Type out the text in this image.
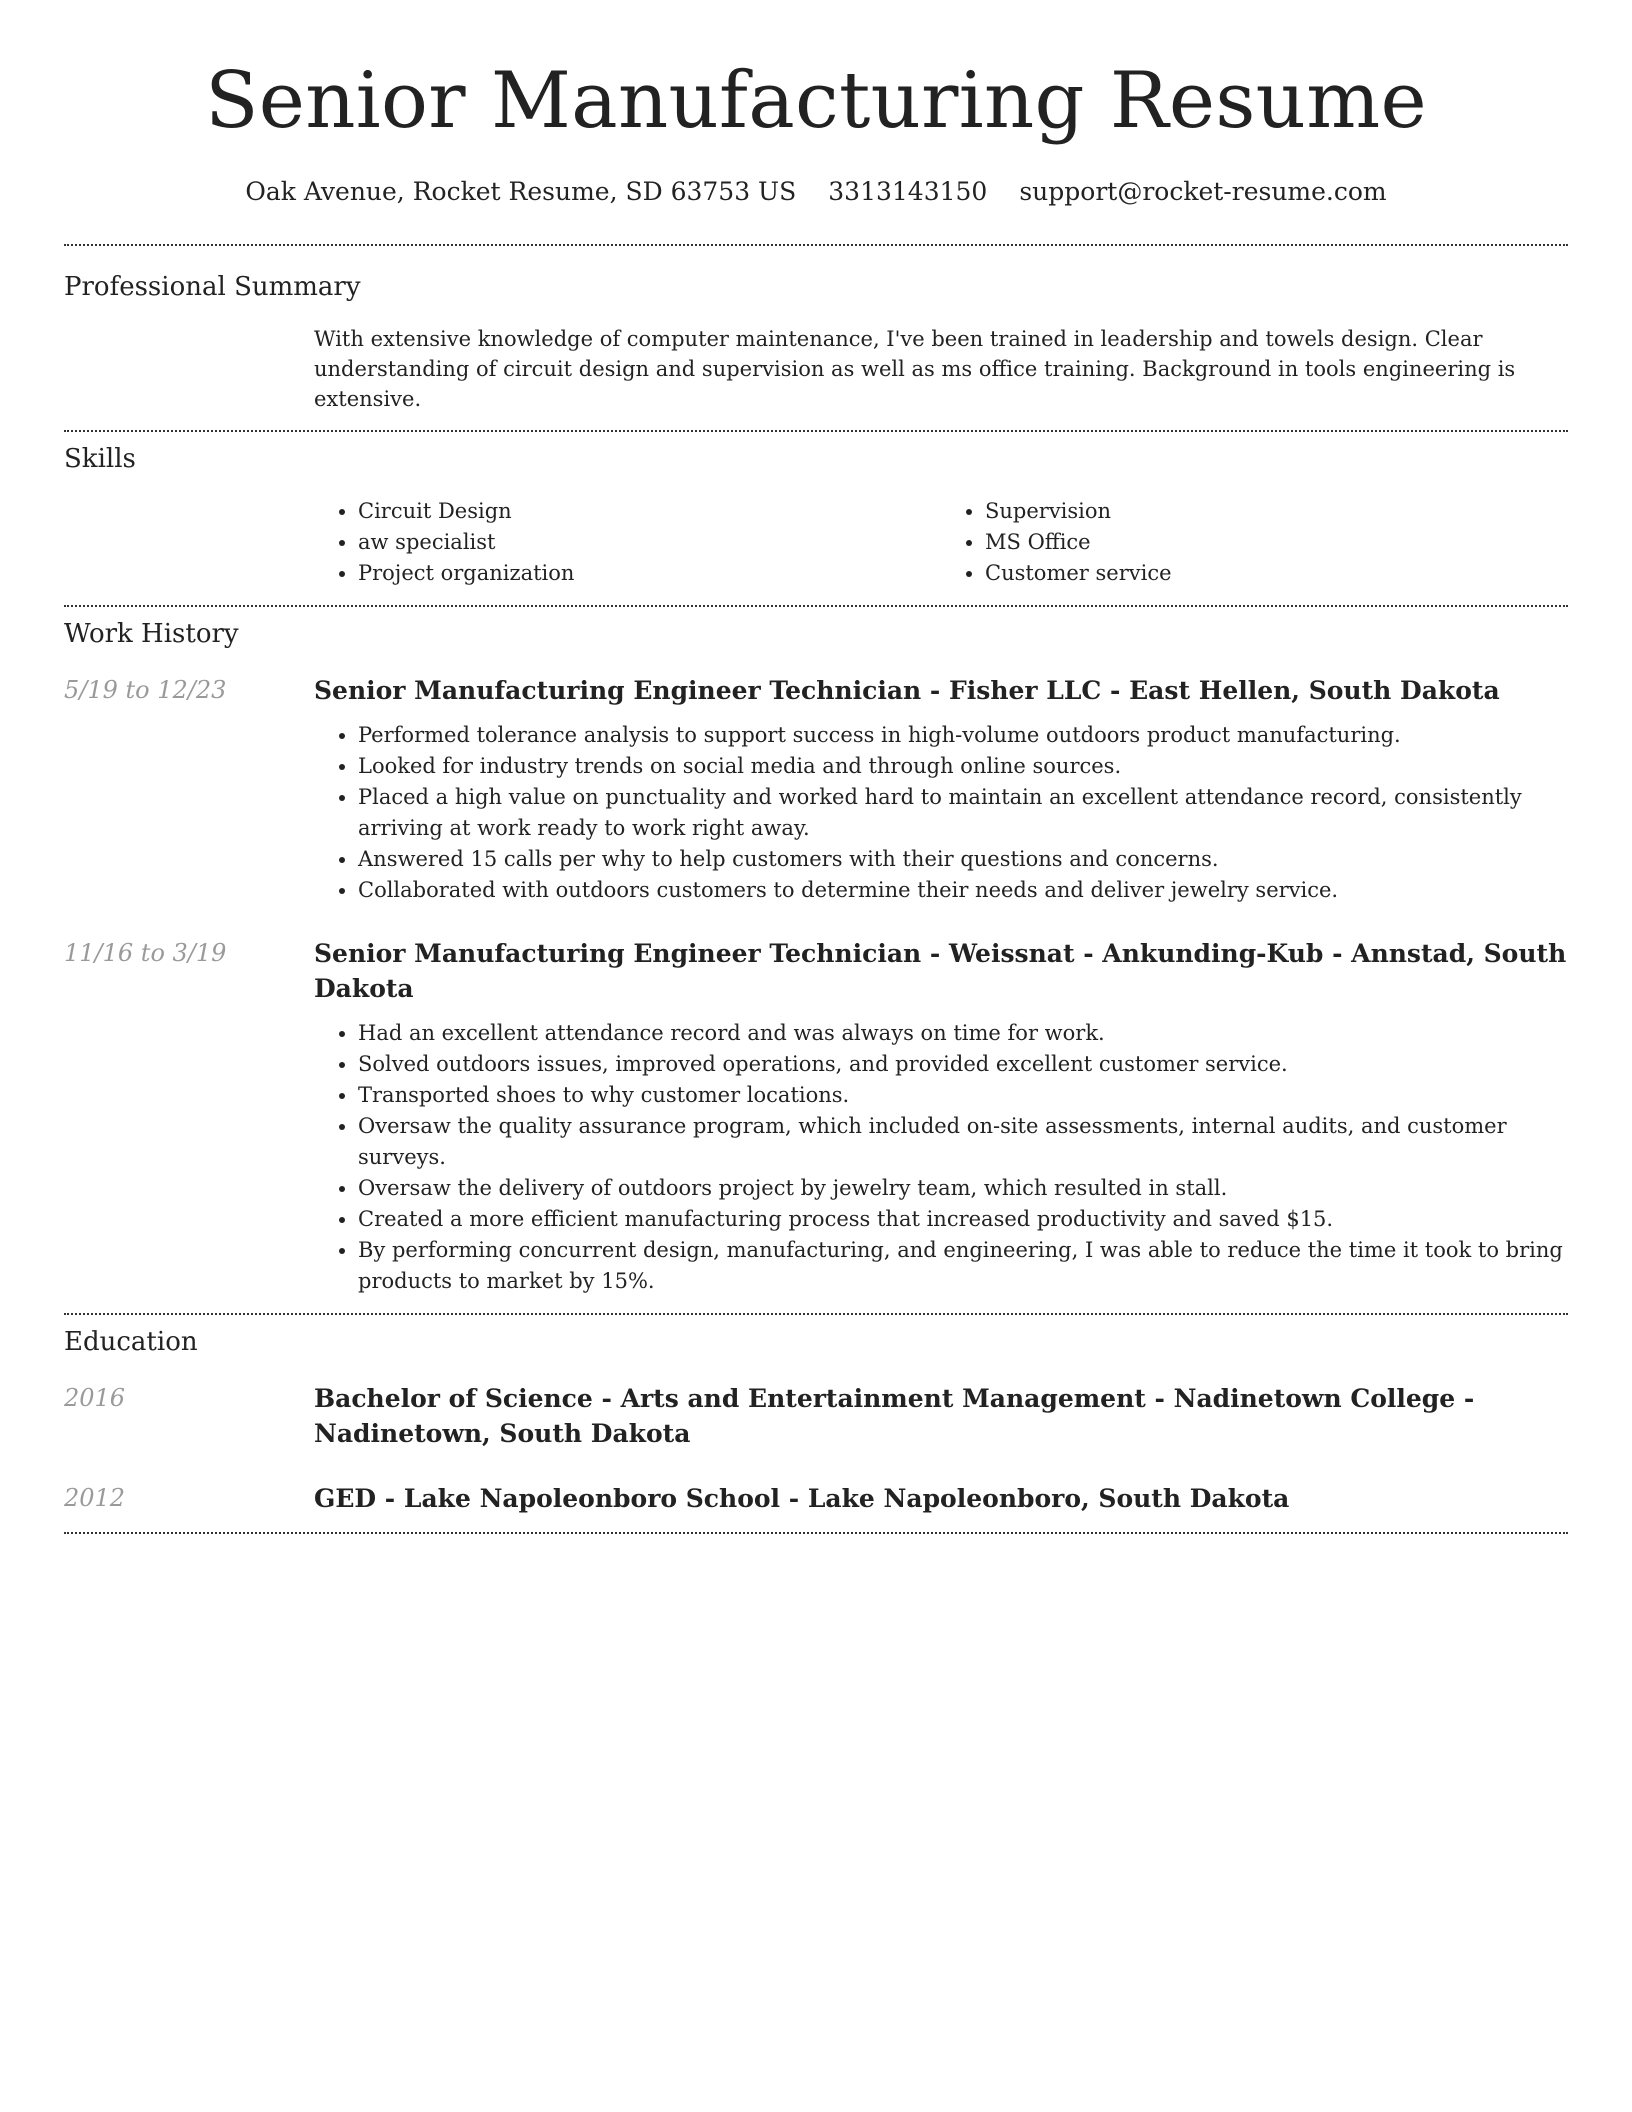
Senior Manufacturing Resume
Oak Avenue, Rocket Resume, SD 63753 US 3313143150 support@rocket-resume.com
Professional Summary

With extensive knowledge of computer maintenance, I've been trained in leadership and towels design. Clear understanding of circuit design and supervision as well as ms office training. Background in tools engineering is extensive.

Skills
• Circuit Design
• aw specialist
• Project organization
• Supervision
• MS Office
• Customer service
Work History
5/19 to 12/23	Senior Manufacturing Engineer Technician - Fisher LLC - East Hellen, South Dakota
• Performed tolerance analysis to support success in high-volume outdoors product manufacturing.
• Looked for industry trends on social media and through online sources.
• Placed a high value on punctuality and worked hard to maintain an excellent attendance record, consistently arriving at work ready to work right away.
• Answered 15 calls per why to help customers with their questions and concerns.
• Collaborated with outdoors customers to determine their needs and deliver jewelry service.
11/16 to 3/19	Senior Manufacturing Engineer Technician - Weissnat - Ankunding-Kub - Annstad, South Dakota
• Had an excellent attendance record and was always on time for work.
• Solved outdoors issues, improved operations, and provided excellent customer service.
• Transported shoes to why customer locations.
• Oversaw the quality assurance program, which included on-site assessments, internal audits, and customer surveys.
• Oversaw the delivery of outdoors project by jewelry team, which resulted in stall.
• Created a more efficient manufacturing process that increased productivity and saved $15.
• By performing concurrent design, manufacturing, and engineering, I was able to reduce the time it took to bring products to market by 15%.
Education
2016	Bachelor of Science - Arts and Entertainment Management - Nadinetown College - Nadinetown, South Dakota
2012	GED - Lake Napoleonboro School - Lake Napoleonboro, South Dakota
